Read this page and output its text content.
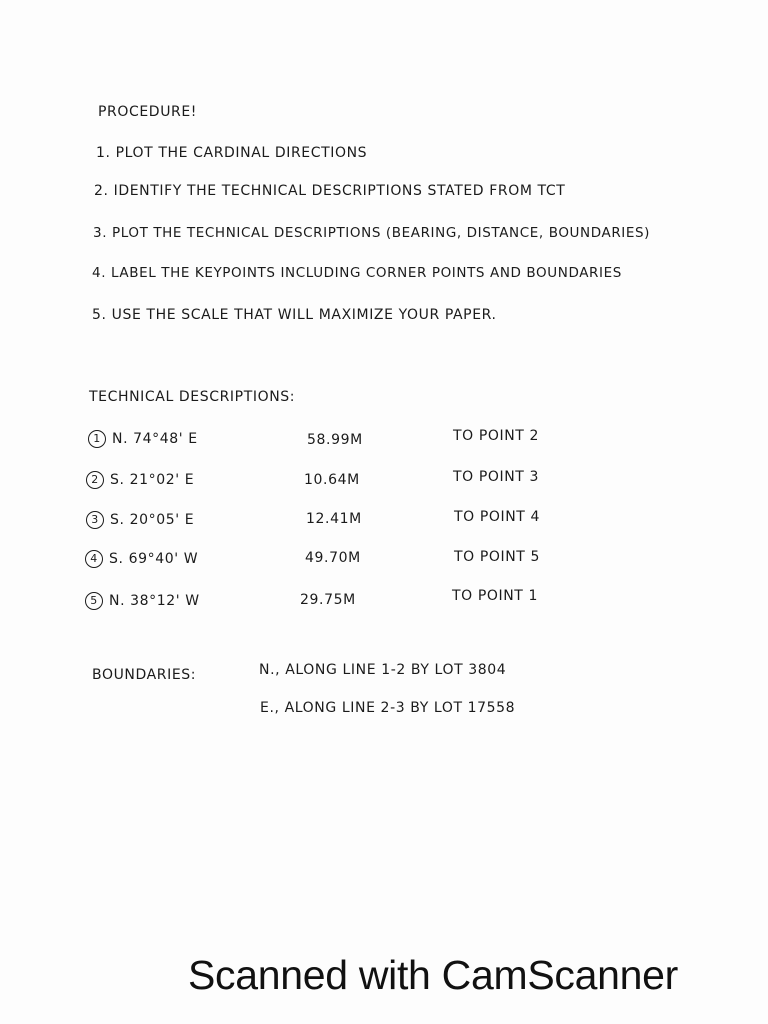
PROCEDURE!
1. PLOT THE CARDINAL DIRECTIONS
2. IDENTIFY THE TECHNICAL DESCRIPTIONS STATED FROM TCT
3. PLOT THE TECHNICAL DESCRIPTIONS (BEARING, DISTANCE, BOUNDARIES)
4. LABEL THE KEYPOINTS INCLUDING CORNER POINTS AND BOUNDARIES
5. USE THE SCALE THAT WILL MAXIMIZE YOUR PAPER.
TECHNICAL DESCRIPTIONS:
1 N. 74°48' E	58.99M	TO POINT 2
2 S. 21°02' E	10.64M	TO POINT 3
3 S. 20°05' E	12.41M	TO POINT 4
4 S. 69°40' W	49.70M	TO POINT 5
5 N. 38°12' W	29.75M	TO POINT 1
BOUNDARIES:	N., ALONG LINE 1-2 BY LOT 3804
E., ALONG LINE 2-3 BY LOT 17558
Scanned with CamScanner
